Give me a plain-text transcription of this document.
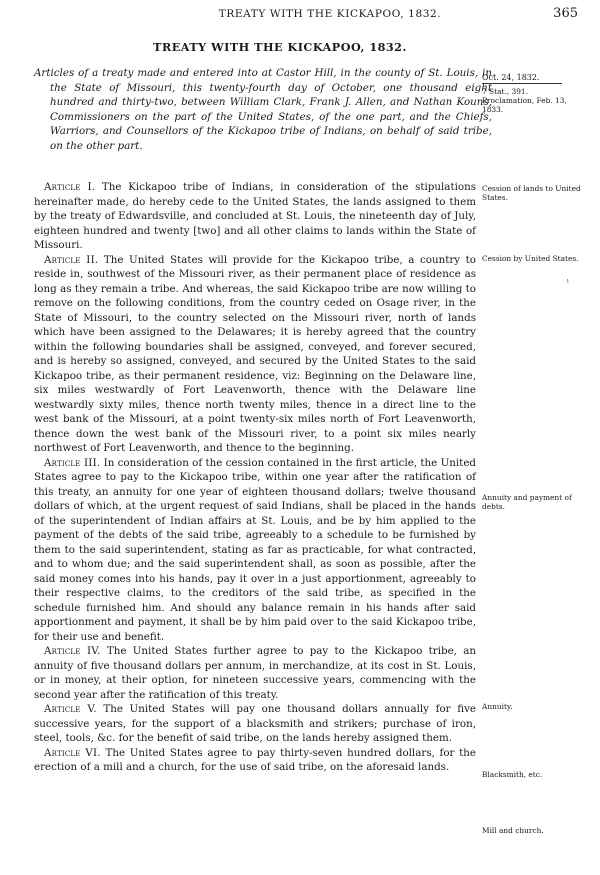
TREATY WITH THE KICKAPOO, 1832.	365
TREATY WITH THE KICKAPOO, 1832.
Articles of a treaty made and entered into at Castor Hill, in the county of St. Louis, in the State of Missouri, this twenty-fourth day of October, one thousand eight hundred and thirty-two, between William Clark, Frank J. Allen, and Nathan Kouns, Commissioners on the part of the United States, of the one part, and the Chiefs, Warriors, and Counsellors of the Kickapoo tribe of Indians, on behalf of said tribe, on the other part.

Article I. The Kickapoo tribe of Indians, in consideration of the stipulations hereinafter made, do hereby cede to the United States, the lands assigned to them by the treaty of Edwardsville, and concluded at St. Louis, the nineteenth day of July, eighteen hundred and twenty [two] and all other claims to lands within the State of Missouri.

Article II. The United States will provide for the Kickapoo tribe, a country to reside in, southwest of the Missouri river, as their permanent place of residence as long as they remain a tribe. And whereas, the said Kickapoo tribe are now willing to remove on the following conditions, from the country ceded on Osage river, in the State of Missouri, to the country selected on the Missouri river, north of lands which have been assigned to the Delawares; it is hereby agreed that the country within the following boundaries shall be assigned, conveyed, and forever secured, and is hereby so assigned, conveyed, and secured by the United States to the said Kickapoo tribe, as their permanent residence, viz: Beginning on the Delaware line, six miles westwardly of Fort Leavenworth, thence with the Delaware line westwardly sixty miles, thence north twenty miles, thence in a direct line to the west bank of the Missouri, at a point twenty-six miles north of Fort Leavenworth, thence down the west bank of the Missouri river, to a point six miles nearly northwest of Fort Leavenworth, and thence to the beginning.

Article III. In consideration of the cession contained in the first article, the United States agree to pay to the Kickapoo tribe, within one year after the ratification of this treaty, an annuity for one year of eighteen thousand dollars; twelve thousand dollars of which, at the urgent request of said Indians, shall be placed in the hands of the superintendent of Indian affairs at St. Louis, and be by him applied to the payment of the debts of the said tribe, agreeably to a schedule to be furnished by them to the said superintendent, stating as far as practicable, for what contracted, and to whom due; and the said superintendent shall, as soon as possible, after the said money comes into his hands, pay it over in a just apportionment, agreeably to their respective claims, to the creditors of the said tribe, as specified in the schedule furnished him. And should any balance remain in his hands after said apportionment and payment, it shall be by him paid over to the said Kickapoo tribe, for their use and benefit.

Article IV. The United States further agree to pay to the Kickapoo tribe, an annuity of five thousand dollars per annum, in merchandize, at its cost in St. Louis, or in money, at their option, for nineteen successive years, commencing with the second year after the ratification of this treaty.

Article V. The United States will pay one thousand dollars annually for five successive years, for the support of a blacksmith and strikers; purchase of iron, steel, tools, &c. for the benefit of said tribe, on the lands hereby assigned them.

Article VI. The United States agree to pay thirty-seven hundred dollars, for the erection of a mill and a church, for the use of said tribe, on the aforesaid lands.

Oct. 24, 1832.
7 Stat., 391. Proclamation, Feb. 13, 1833.
Cession of lands to United States.
Cession by United States.
ˡ
Annuity and payment of debts.
Annuity.
Blacksmith, etc.
Mill and church.
